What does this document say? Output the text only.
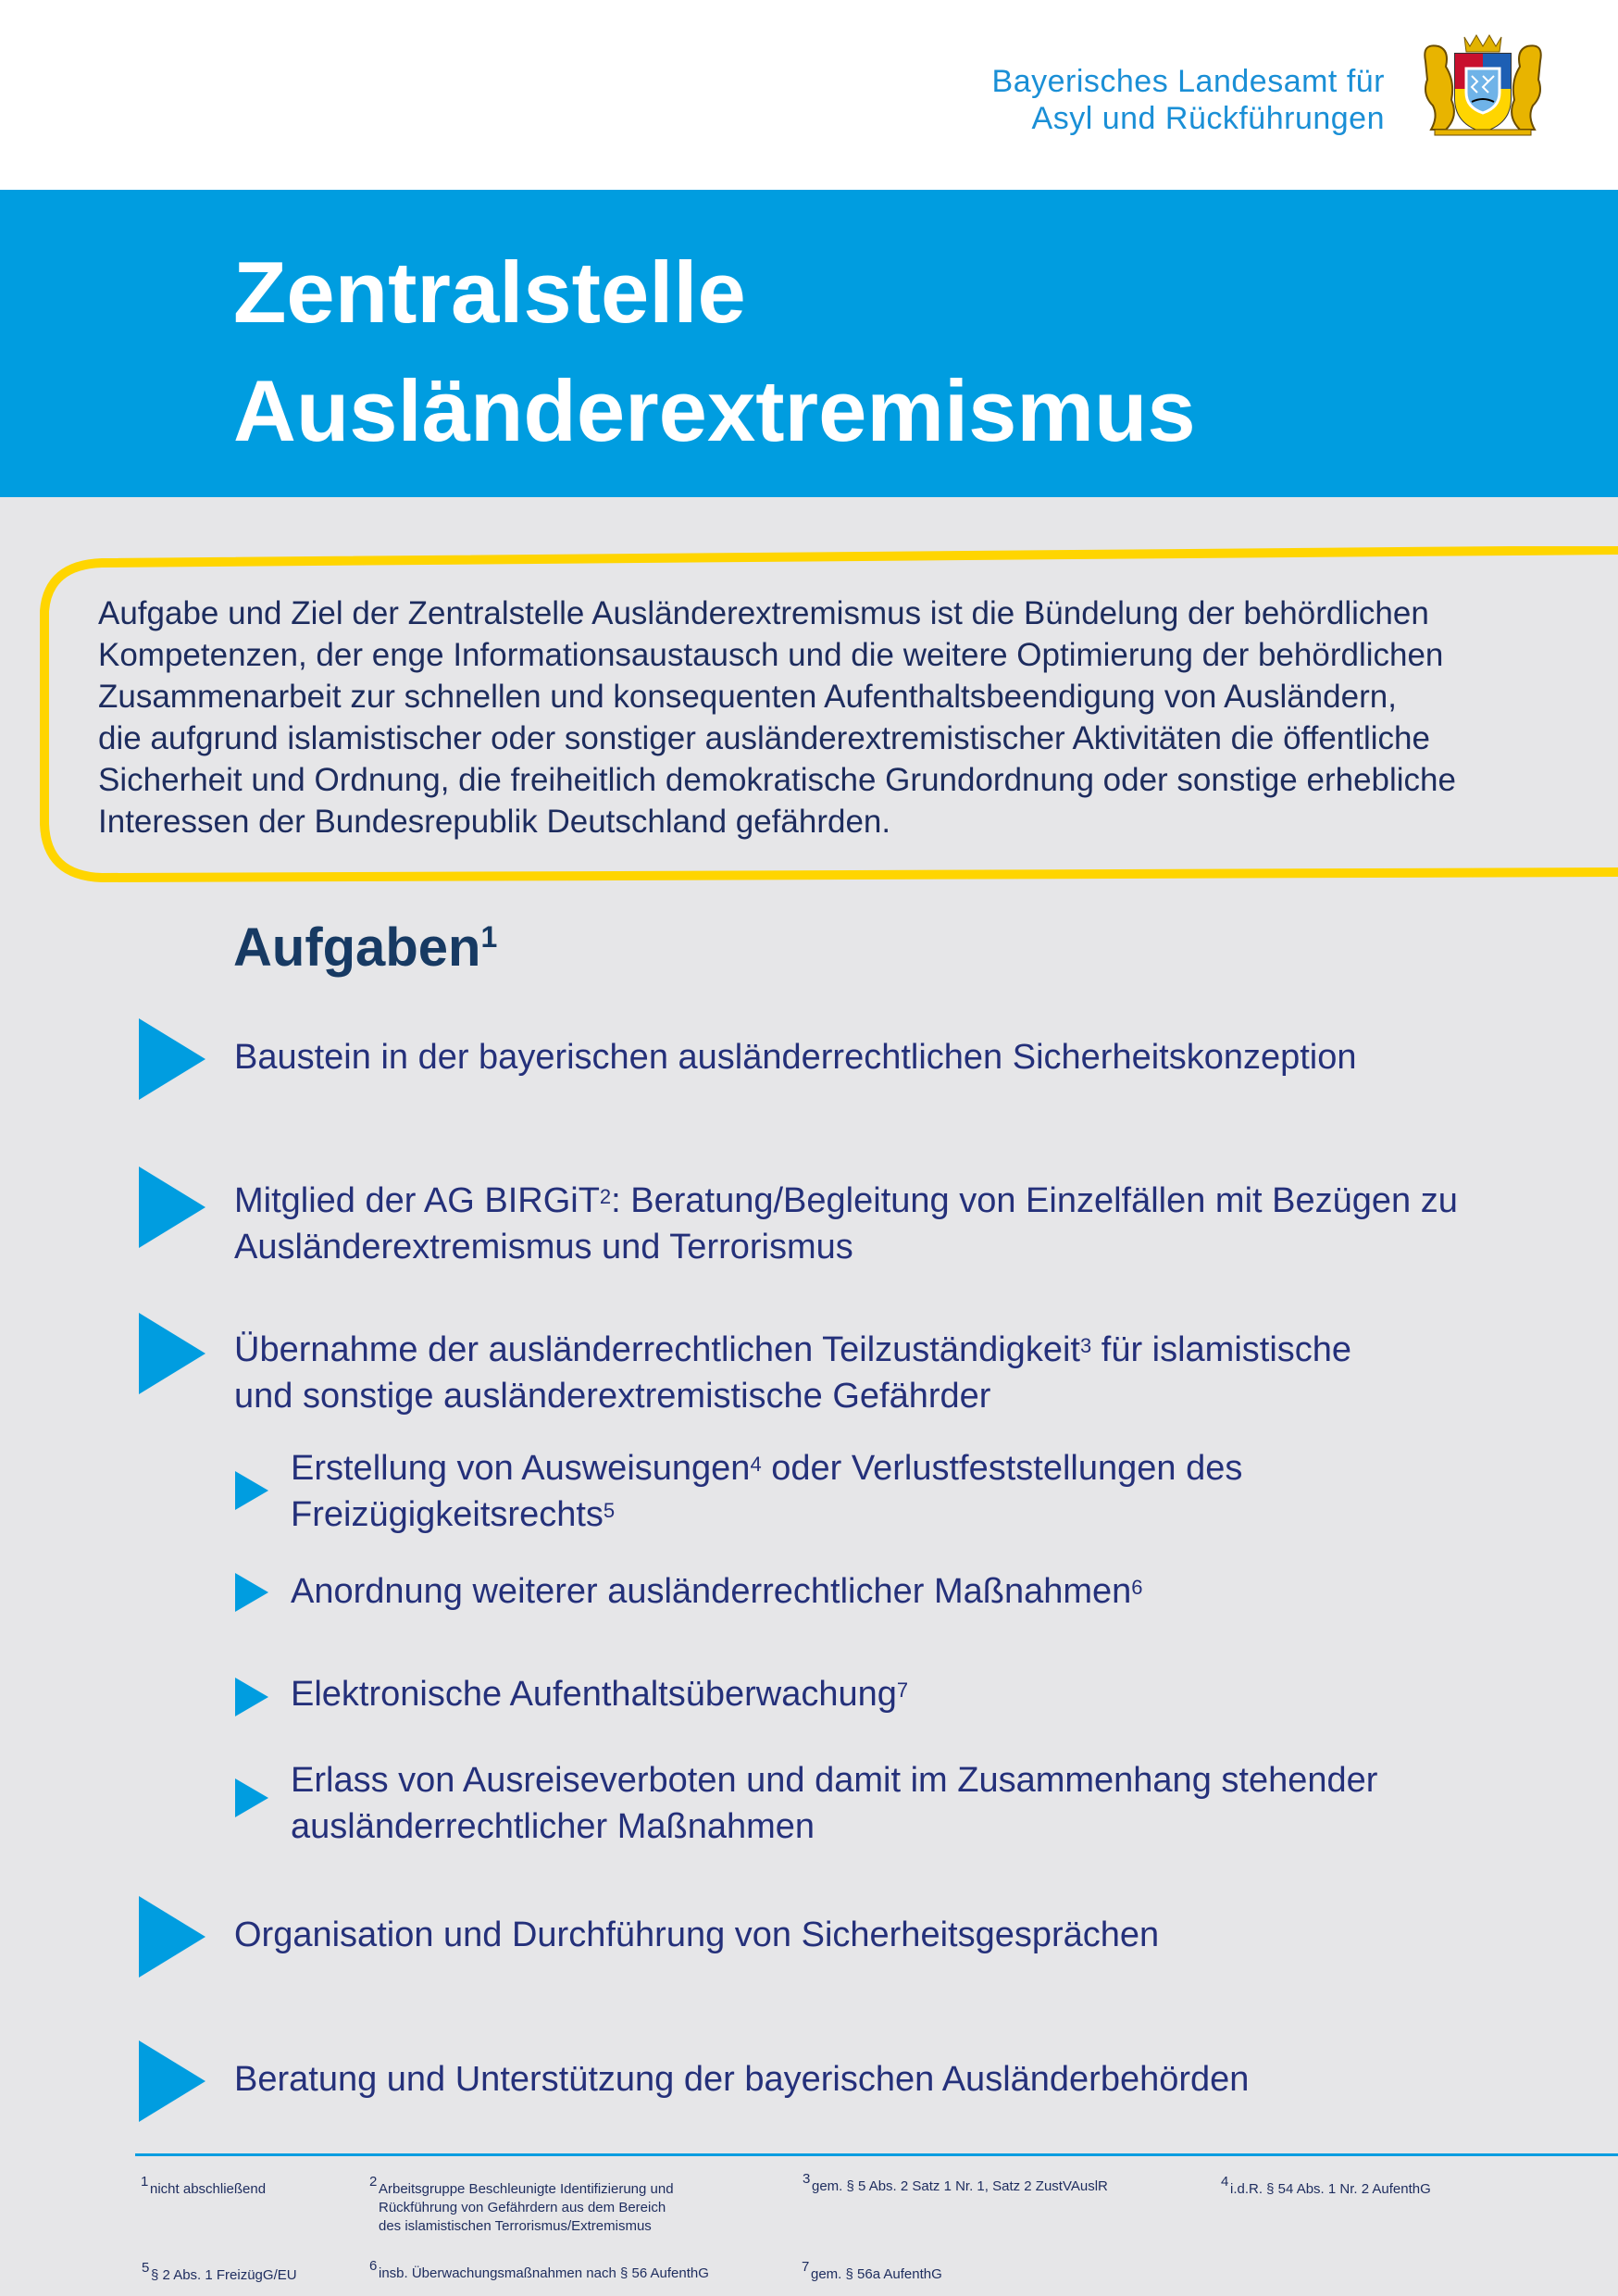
Bayerisches Landesamt für
Asyl und Rückführungen
Zentralstelle
Ausländerextremismus
Aufgabe und Ziel der Zentralstelle Ausländerextremismus ist die Bündelung der behördlichen
Kompetenzen, der enge Informationsaustausch und die weitere Optimierung der behördlichen
Zusammenarbeit zur schnellen und konsequenten Aufenthaltsbeendigung von Ausländern,
die aufgrund islamistischer oder sonstiger ausländerextremistischer Aktivitäten die öffentliche
Sicherheit und Ordnung, die freiheitlich demokratische Grundordnung oder sonstige erhebliche
Interessen der Bundesrepublik Deutschland gefährden.
Aufgaben$^1$
Baustein in der bayerischen ausländerrechtlichen Sicherheitskonzeption
Mitglied der AG BIRGiT$^2$: Beratung/Begleitung von Einzelfällen mit Bezügen zu
Ausländerextremismus und Terrorismus
Übernahme der ausländerrechtlichen Teilzuständigkeit$^3$ für islamistische
und sonstige ausländerextremistische Gefährder
Erstellung von Ausweisungen$^4$ oder Verlustfeststellungen des
Freizügigkeitsrechts$^5$
Anordnung weiterer ausländerrechtlicher Maßnahmen$^6$
Elektronische Aufenthaltsüberwachung$^7$
Erlass von Ausreiseverboten und damit im Zusammenhang stehender
ausländerrechtlicher Maßnahmen
Organisation und Durchführung von Sicherheitsgesprächen
Beratung und Unterstützung der bayerischen Ausländerbehörden
1 nicht abschließend	2 Arbeitsgruppe Beschleunigte Identifizierung und
Rückführung von Gefährdern aus dem Bereich
des islamistischen Terrorismus/Extremismus
3 gem. § 5 Abs. 2 Satz 1 Nr. 1, Satz 2 ZustVAuslR	4 i.d.R. § 54 Abs. 1 Nr. 2 AufenthG
5 § 2 Abs. 1 FreizügG/EU
6 insb. Überwachungsmaßnahmen nach § 56 AufenthG	7 gem. § 56a AufenthG
